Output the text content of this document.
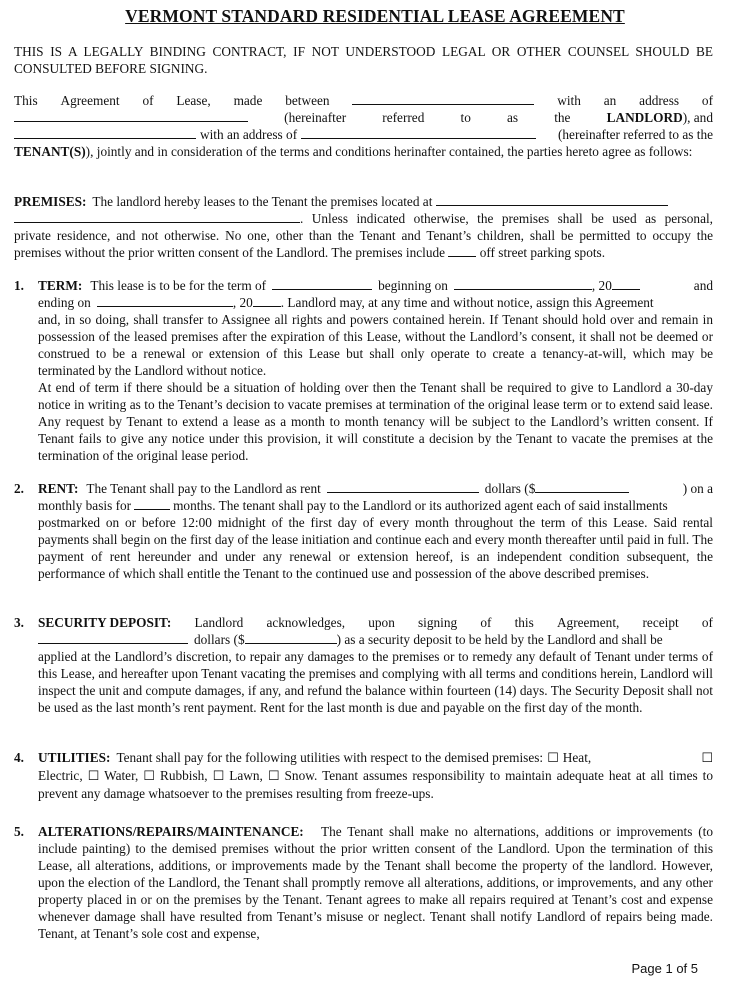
VERMONT STANDARD RESIDENTIAL LEASE AGREEMENT

THIS IS A LEGALLY BINDING CONTRACT, IF NOT UNDERSTOOD LEGAL OR OTHER COUNSEL SHOULD BE CONSULTED BEFORE SIGNING.

This Agreement of Lease, made between	with an address of
(hereinafter	referred	to	as	the	LANDLORD), and
with an address of	(hereinafter referred to as the
TENANT(S)), jointly and in consideration of the terms and conditions herinafter contained, the parties hereto agree as follows:
PREMISES: The landlord hereby leases to the Tenant the premises located at
. Unless indicated otherwise, the premises shall be used as personal,
private residence, and not otherwise. No one, other than the Tenant and Tenant’s children, shall be permitted to occupy the premises without the prior written consent of the Landlord. The premises include	off street parking spots.
1. TERM: This lease is to be for the term of	beginning on	, 20	and
ending on	, 20 . Landlord may, at any time and without notice, assign this Agreement
and, in so doing, shall transfer to Assignee all rights and powers contained herein. If Tenant should hold over and remain in possession of the leased premises after the expiration of this Lease, without the Landlord’s consent, it shall not be deemed or construed to be a renewal or extension of this Lease but shall only operate to create a tenancy-at-will, which may be terminated by the Landlord without notice.
At end of term if there should be a situation of holding over then the Tenant shall be required to give to Landlord a 30-day notice in writing as to the Tenant’s decision to vacate premises at termination of the original lease term or to extend said lease. Any request by Tenant to extend a lease as a month to month tenancy will be subject to the Landlord’s written consent. If Tenant fails to give any notice under this provision, it will constitute a decision by the Tenant to vacate the premises at the termination of the original lease period.
2. RENT: The Tenant shall pay to the Landlord as rent	dollars ($	) on a
monthly basis for	months. The tenant shall pay to the Landlord or its authorized agent each of said installments
postmarked on or before 12:00 midnight of the first day of every month throughout the term of this Lease. Said rental payments shall begin on the first day of the lease initiation and continue each and every month thereafter until paid in full. The payment of rent hereunder and under any renewal or extension hereof, is an independent condition subsequent, the performance of which shall entitle the Tenant to the continued use and possession of the above described premises.
3. SECURITY DEPOSIT: Landlord acknowledges, upon signing of this Agreement, receipt of
dollars ($	) as a security deposit to be held by the Landlord and shall be
applied at the Landlord’s discretion, to repair any damages to the premises or to remedy any default of Tenant under terms of this Lease, and hereafter upon Tenant vacating the premises and complying with all terms and conditions herein, Landlord will inspect the unit and compute damages, if any, and refund the balance within fourteen (14) days. The Security Deposit shall not be used as the last month’s rent payment. Rent for the last month is due and payable on the first day of the month.
4. UTILITIES: Tenant shall pay for the following utilities with respect to the demised premises: ☐ Heat,	☐
Electric, ☐ Water, ☐ Rubbish, ☐ Lawn, ☐ Snow. Tenant assumes responsibility to maintain adequate heat at all times to prevent any damage whatsoever to the premises resulting from freeze-ups.
5. ALTERATIONS/REPAIRS/MAINTENANCE: The Tenant shall make no alternations, additions or improvements (to include painting) to the demised premises without the prior written consent of the Landlord. Upon the termination of this Lease, all alterations, additions, or improvements made by the Tenant shall become the property of the landlord. However, upon the election of the Landlord, the Tenant shall promptly remove all alterations, additions, or improvements, and any other property placed in or on the premises by the Tenant. Tenant agrees to make all repairs required at Tenant’s cost and expense whenever damage shall have resulted from Tenant’s misuse or neglect. Tenant shall notify Landlord of repairs being made. Tenant, at Tenant’s sole cost and expense,
Page 1 of 5
